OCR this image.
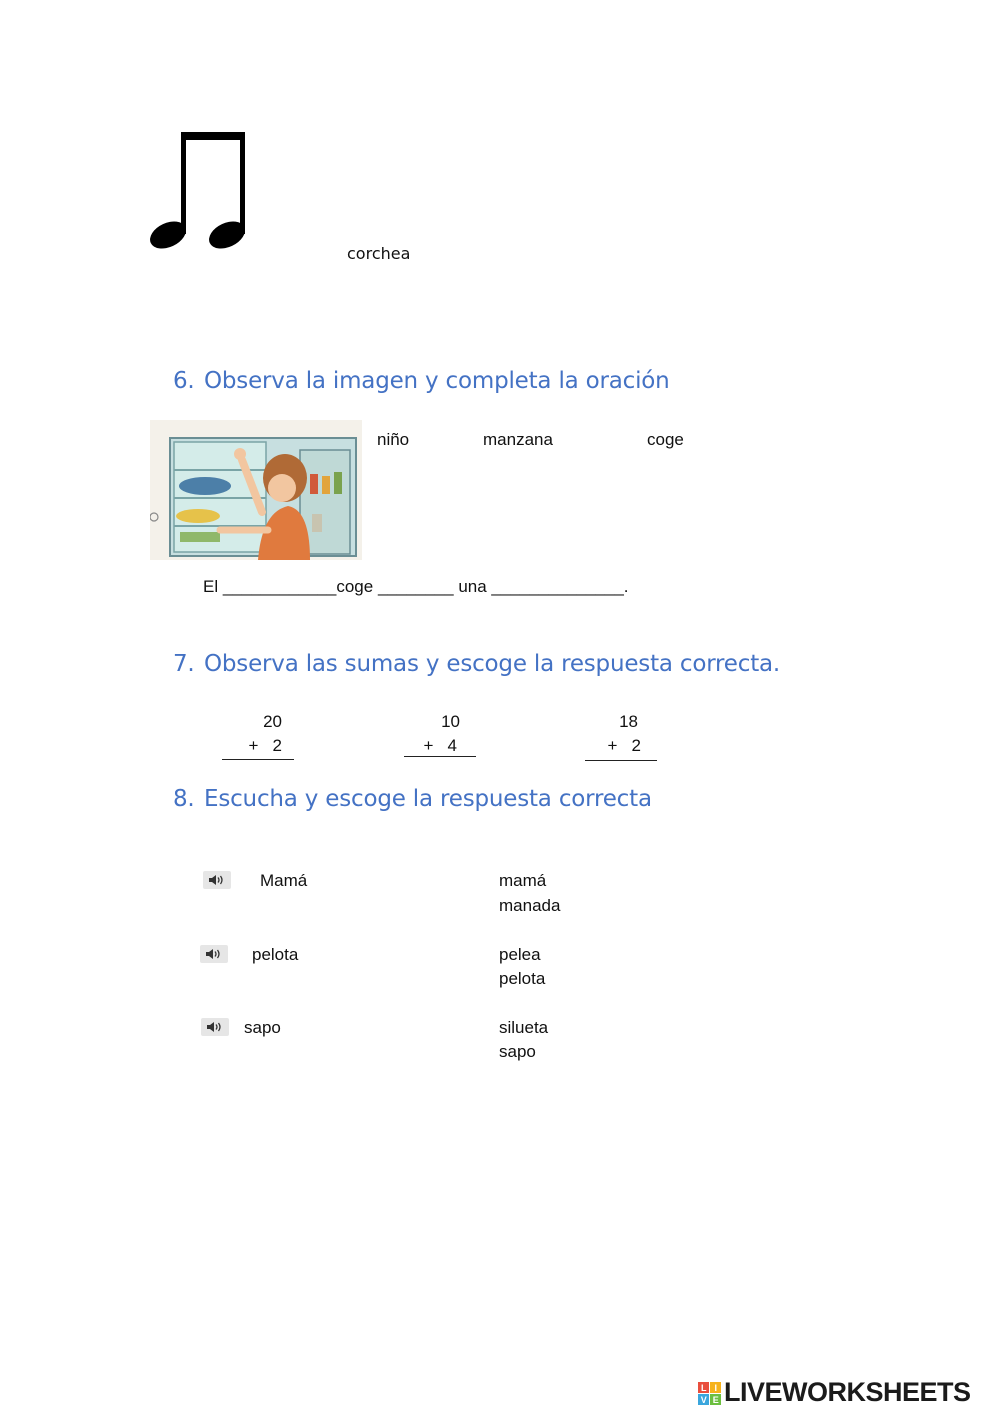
corchea
6. Observa la imagen y completa la oración
niño	manzana	coge
El ____________coge ________ una ______________.
7. Observa las sumas y escoge la respuesta correcta.
20
+   2
10
+   4
18
+   2
8. Escucha y escoge la respuesta correcta
Mamá	mamá
manada
pelota	pelea
pelota
sapo	silueta
sapo
L I
V E LIVEWORKSHEETS
